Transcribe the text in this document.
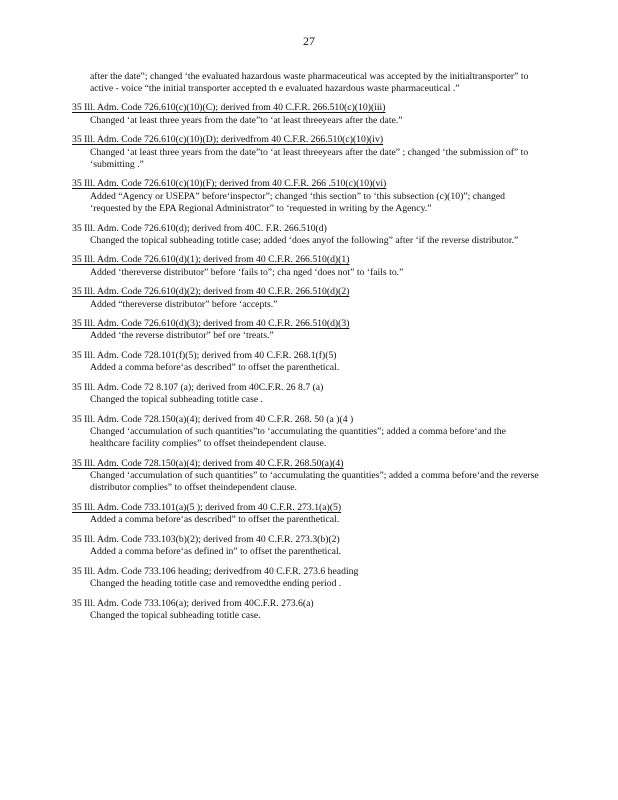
27
after the date”; changed ‘the evaluated hazardous waste pharmaceutical was accepted by the initialtransporter” to active - voice “the initial transporter accepted th e evaluated hazardous waste pharmaceutical .”
35 Ill. Adm. Code 726.610(c)(10)(C); derived from 40 C.F.R. 266.510(c)(10)(iii)
Changed ‘at least three years from the date”to ‘at least threeyears after the date.”
35 Ill. Adm. Code 726.610(c)(10)(D); derivedfrom 40 C.F.R. 266.510(c)(10)(iv)
Changed ‘at least three years from the date”to ‘at least threeyears after the date” ; changed ‘the submission of” to ‘submitting .”
35 Ill. Adm. Code 726.610(c)(10)(F); derived from 40 C.F.R. 266 .510(c)(10)(vi)
Added “Agency or USEPA” before‘inspector”; changed ‘this section” to ‘this subsection (c)(10)”; changed ‘requested by the EPA Regional Administrator” to ‘requested in writing by the Agency.”
35 Ill. Adm. Code 726.610(d); derived from 40C. F.R. 266.510(d)
Changed the topical subheading totitle case; added ‘does anyof the following” after ‘if the reverse distributor.”
35 Ill. Adm. Code 726.610(d)(1); derived from 40 C.F.R. 266.510(d)(1)
Added ‘thereverse distributor” before ‘fails to”; cha nged ‘does not” to ‘fails to.”
35 Ill. Adm. Code 726.610(d)(2); derived from 40 C.F.R. 266.510(d)(2)
Added “thereverse distributor” before ‘accepts.”
35 Ill. Adm. Code 726.610(d)(3); derived from 40 C.F.R. 266.510(d)(3)
Added ‘the reverse distributor” bef ore ‘treats.”
35 Ill. Adm. Code 728.101(f)(5); derived from 40 C.F.R. 268.1(f)(5)
Added a comma before‘as described” to offset the parenthetical.
35 Ill. Adm. Code 72 8.107 (a); derived from 40C.F.R. 26 8.7 (a)
Changed the topical subheading totitle case .
35 Ill. Adm. Code 728.150(a)(4); derived from 40 C.F.R. 268. 50 (a )(4 )
Changed ‘accumulation of such quantities”to ‘accumulating the quantities”; added a comma before‘and the healthcare facility complies” to offset theindependent clause.
35 Ill. Adm. Code 728.150(a)(4); derived from 40 C.F.R. 268.50(a)(4)
Changed ‘accumulation of such quantities” to ‘accumulating the quantities”; added a comma before‘and the reverse distributor complies” to offset theindependent clause.
35 Ill. Adm. Code 733.101(a)(5 ); derived from 40 C.F.R. 273.1(a)(5)
Added a comma before‘as described” to offset the parenthetical.
35 Ill. Adm. Code 733.103(b)(2); derived from 40 C.F.R. 273.3(b)(2)
Added a comma before‘as defined in” to offset the parenthetical.
35 Ill. Adm. Code 733.106 heading; derivedfrom 40 C.F.R. 273.6 heading
Changed the heading totitle case and removedthe ending period .
35 Ill. Adm. Code 733.106(a); derived from 40C.F.R. 273.6(a)
Changed the topical subheading totitle case.
